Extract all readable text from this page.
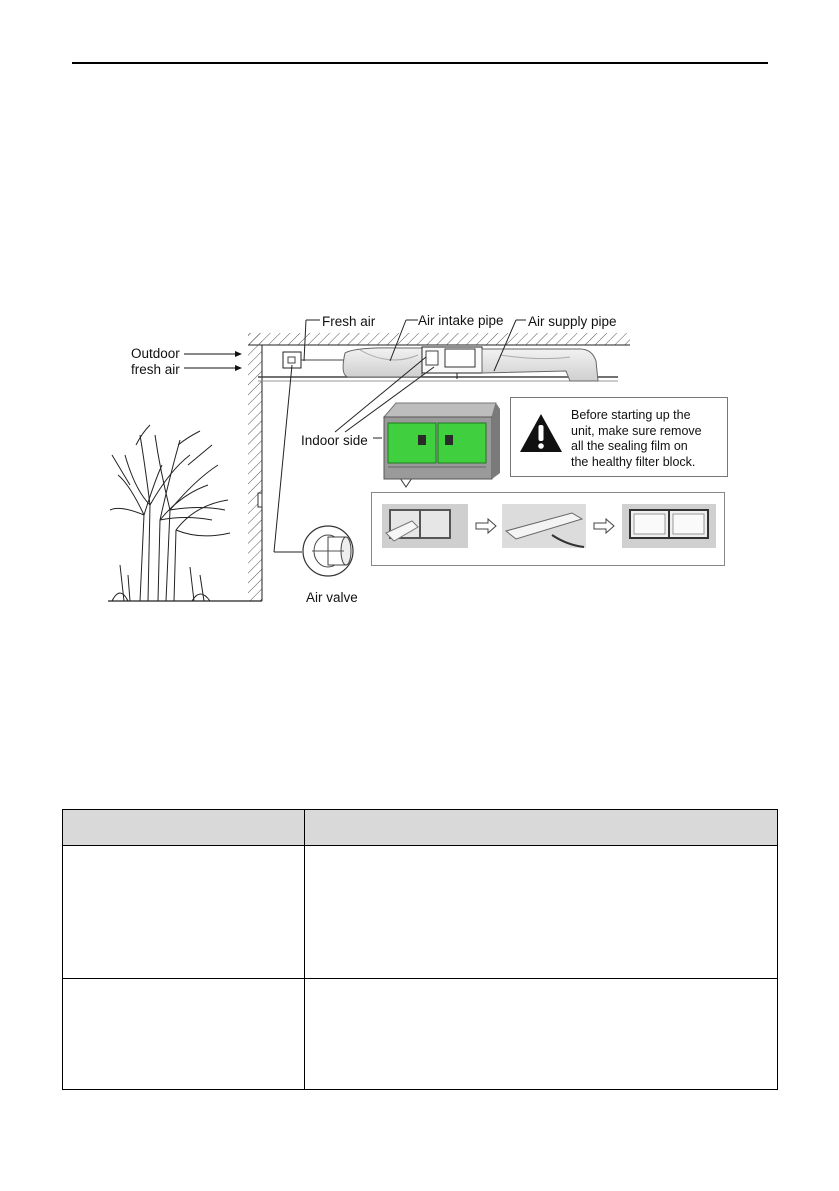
Outdoor
fresh air
Fresh air	Air intake pipe Air supply pipe
Indoor side
Air valve
Before starting up the
unit, make sure remove
all the sealing film on
the healthy filter block.
